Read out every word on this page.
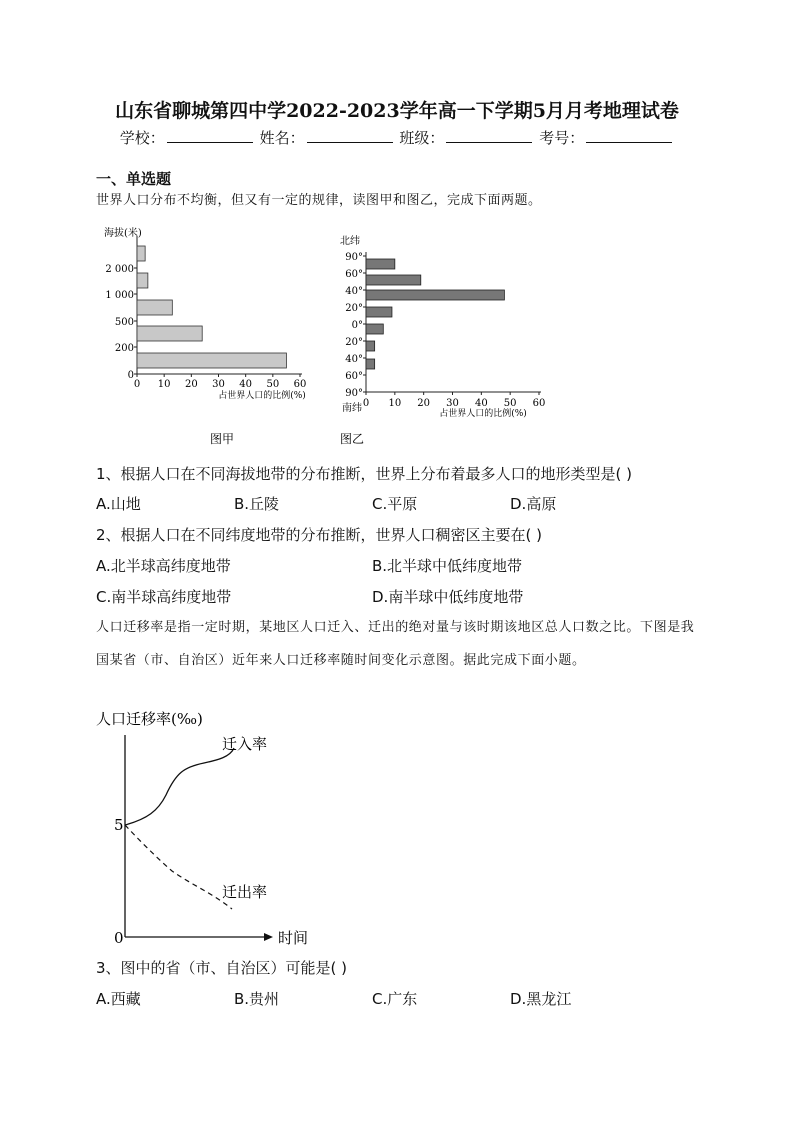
山东省聊城第四中学2022-2023学年高一下学期5月月考地理试卷
学校：	姓名：	班级：	考号：
一、单选题
世界人口分布不均衡，但又有一定的规律，读图甲和图乙，完成下面两题。
海拔(米)
0
200
500
1 000
2 000
0 10 20 30 40 50 60
占世界人口的比例(%)
图甲
北纬
90°
60°
40°
20°
0°
20°
40°
60°
90°
0 10 20 30 40 50 60
南纬	占世界人口的比例(%)
图乙
1、根据人口在不同海拔地带的分布推断，世界上分布着最多人口的地形类型是( )
A.山地	B.丘陵	C.平原	D.高原
2、根据人口在不同纬度地带的分布推断，世界人口稠密区主要在( )
A.北半球高纬度地带	B.北半球中低纬度地带
C.南半球高纬度地带	D.南半球中低纬度地带
人口迁移率是指一定时期，某地区人口迁入、迁出的绝对量与该时期该地区总人口数之比。下图是我国某省（市、自治区）近年来人口迁移率随时间变化示意图。据此完成下面小题。
人口迁移率(‰)
时间
0
5
迁入率
迁出率
3、图中的省（市、自治区）可能是( )
A.西藏	B.贵州	C.广东	D.黑龙江
